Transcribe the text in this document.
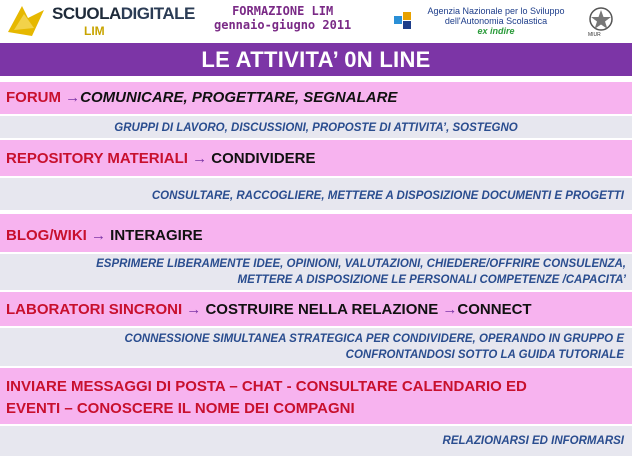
SCUOLADIGITALE
LIM
FORMAZIONE LIM
gennaio-giugno 2011
Agenzia Nazionale per lo Sviluppo
dell'Autonomia Scolastica
ex indire	MIUR
LE ATTIVITA’ 0N LINE
FORUM →COMUNICARE, PROGETTARE, SEGNALARE
GRUPPI DI LAVORO, DISCUSSIONI, PROPOSTE DI ATTIVITA’, SOSTEGNO
REPOSITORY MATERIALI → CONDIVIDERE
CONSULTARE, RACCOGLIERE, METTERE A DISPOSIZIONE DOCUMENTI E PROGETTI
BLOG/WIKI → INTERAGIRE
ESPRIMERE LIBERAMENTE IDEE, OPINIONI, VALUTAZIONI, CHIEDERE/OFFRIRE CONSULENZA,
METTERE A DISPOSIZIONE LE PERSONALI COMPETENZE /CAPACITA’
LABORATORI SINCRONI → COSTRUIRE NELLA RELAZIONE →CONNECT
CONNESSIONE SIMULTANEA STRATEGICA PER CONDIVIDERE, OPERANDO IN GRUPPO E
CONFRONTANDOSI SOTTO LA GUIDA TUTORIALE
INVIARE MESSAGGI DI POSTA – CHAT - CONSULTARE CALENDARIO ED
EVENTI – CONOSCERE IL NOME DEI COMPAGNI
RELAZIONARSI ED INFORMARSI
